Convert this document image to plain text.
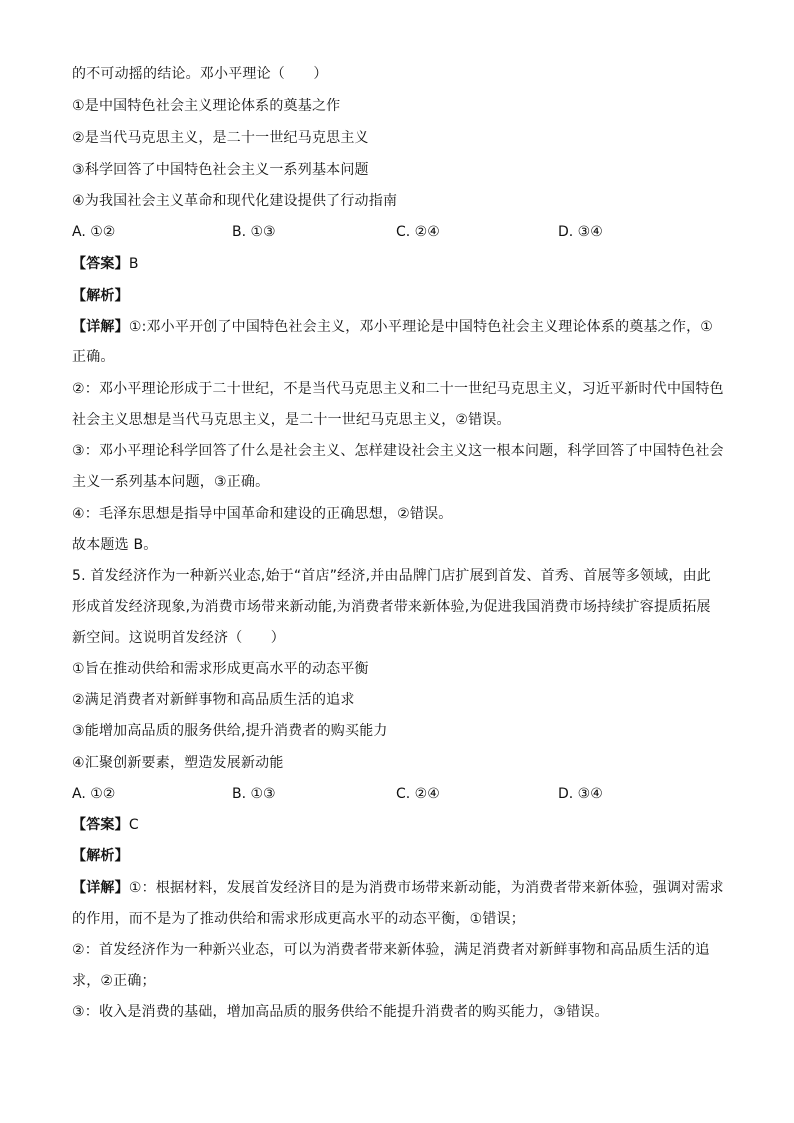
的不可动摇的结论。邓小平理论（　　）
①是中国特色社会主义理论体系的奠基之作
②是当代马克思主义，是二十一世纪马克思主义
③科学回答了中国特色社会主义一系列基本问题
④为我国社会主义革命和现代化建设提供了行动指南
A. ①②	B. ①③	C. ②④	D. ③④
【答案】B
【解析】
【详解】①:邓小平开创了中国特色社会主义，邓小平理论是中国特色社会主义理论体系的奠基之作，①
正确。
②：邓小平理论形成于二十世纪，不是当代马克思主义和二十一世纪马克思主义，习近平新时代中国特色
社会主义思想是当代马克思主义，是二十一世纪马克思主义，②错误。
③：邓小平理论科学回答了什么是社会主义、怎样建设社会主义这一根本问题，科学回答了中国特色社会
主义一系列基本问题，③正确。
④：毛泽东思想是指导中国革命和建设的正确思想，②错误。
故本题选 B。
5. 首发经济作为一种新兴业态,始于“首店”经济,并由品牌门店扩展到首发、首秀、首展等多领域，由此
形成首发经济现象,为消费市场带来新动能,为消费者带来新体验,为促进我国消费市场持续扩容提质拓展
新空间。这说明首发经济（　　）
①旨在推动供给和需求形成更高水平的动态平衡
②满足消费者对新鲜事物和高品质生活的追求
③能增加高品质的服务供给,提升消费者的购买能力
④汇聚创新要素，塑造发展新动能
A. ①②	B. ①③	C. ②④	D. ③④
【答案】C
【解析】
【详解】①：根据材料，发展首发经济目的是为消费市场带来新动能，为消费者带来新体验，强调对需求
的作用，而不是为了推动供给和需求形成更高水平的动态平衡，①错误；
②：首发经济作为一种新兴业态，可以为消费者带来新体验，满足消费者对新鲜事物和高品质生活的追
求，②正确；
③：收入是消费的基础，增加高品质的服务供给不能提升消费者的购买能力，③错误。
